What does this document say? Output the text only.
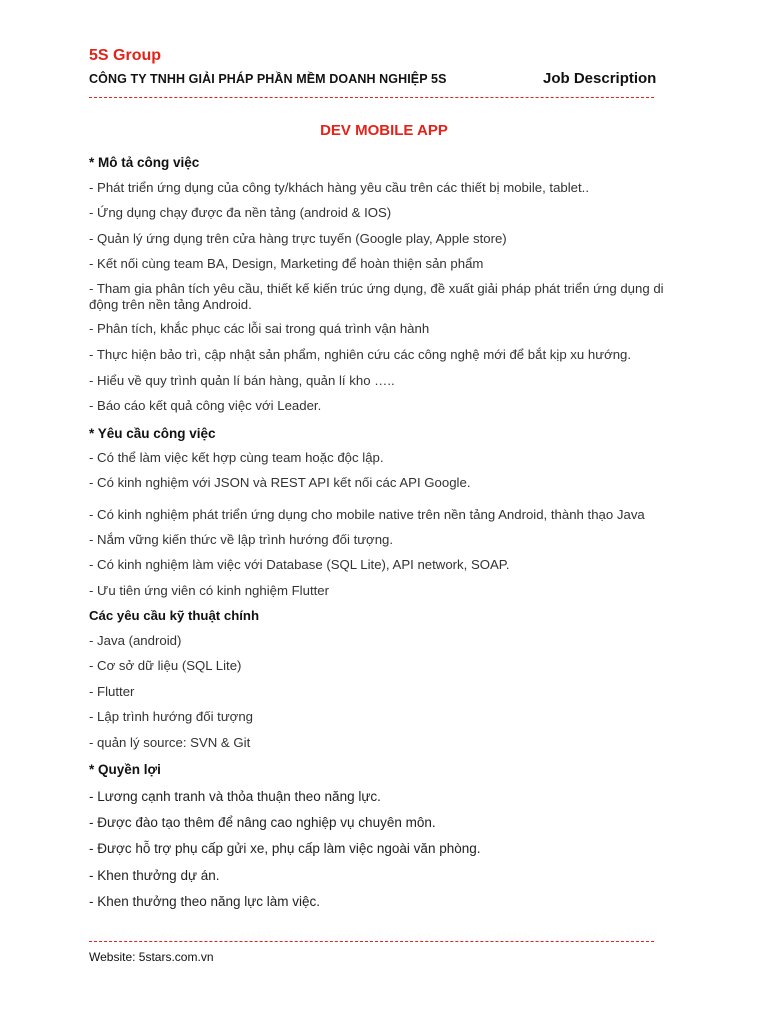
5S Group
CÔNG TY TNHH GIẢI PHÁP PHẦN MỀM DOANH NGHIỆP 5S	Job Description
DEV MOBILE APP
* Mô tả công việc
- Phát triển ứng dụng của công ty/khách hàng yêu cầu trên các thiết bị mobile, tablet..
- Ứng dụng chạy được đa nền tảng (android & IOS)
- Quản lý ứng dụng trên cửa hàng trực tuyến (Google play, Apple store)
- Kết nối cùng team BA, Design, Marketing để hoàn thiện sản phẩm
- Tham gia phân tích yêu cầu, thiết kế kiến trúc ứng dụng, đề xuất giải pháp phát triển ứng dụng di động trên nền tảng Android.
- Phân tích, khắc phục các lỗi sai trong quá trình vận hành
- Thực hiện bảo trì, cập nhật sản phẩm, nghiên cứu các công nghệ mới để bắt kịp xu hướng.
- Hiểu về quy trình quản lí bán hàng, quản lí kho …..
- Báo cáo kết quả công việc với Leader.
* Yêu cầu công việc
- Có thể làm việc kết hợp cùng team hoặc độc lập.
- Có kinh nghiệm với JSON và REST API kết nối các API Google.
- Có kinh nghiệm phát triển ứng dụng cho mobile native trên nền tảng Android, thành thạo Java
- Nắm vững kiến thức về lập trình hướng đối tượng.
- Có kinh nghiệm làm việc với Database (SQL Lite), API network, SOAP.
- Ưu tiên ứng viên có kinh nghiệm Flutter
Các yêu cầu kỹ thuật chính
- Java (android)
- Cơ sở dữ liệu (SQL Lite)
- Flutter
- Lập trình hướng đối tượng
- quản lý source: SVN & Git
* Quyền lợi
- Lương cạnh tranh và thỏa thuận theo năng lực.
- Được đào tạo thêm để nâng cao nghiệp vụ chuyên môn.
- Được hỗ trợ phụ cấp gửi xe, phụ cấp làm việc ngoài văn phòng.
- Khen thưởng dự án.
- Khen thưởng theo năng lực làm việc.
Website: 5stars.com.vn
